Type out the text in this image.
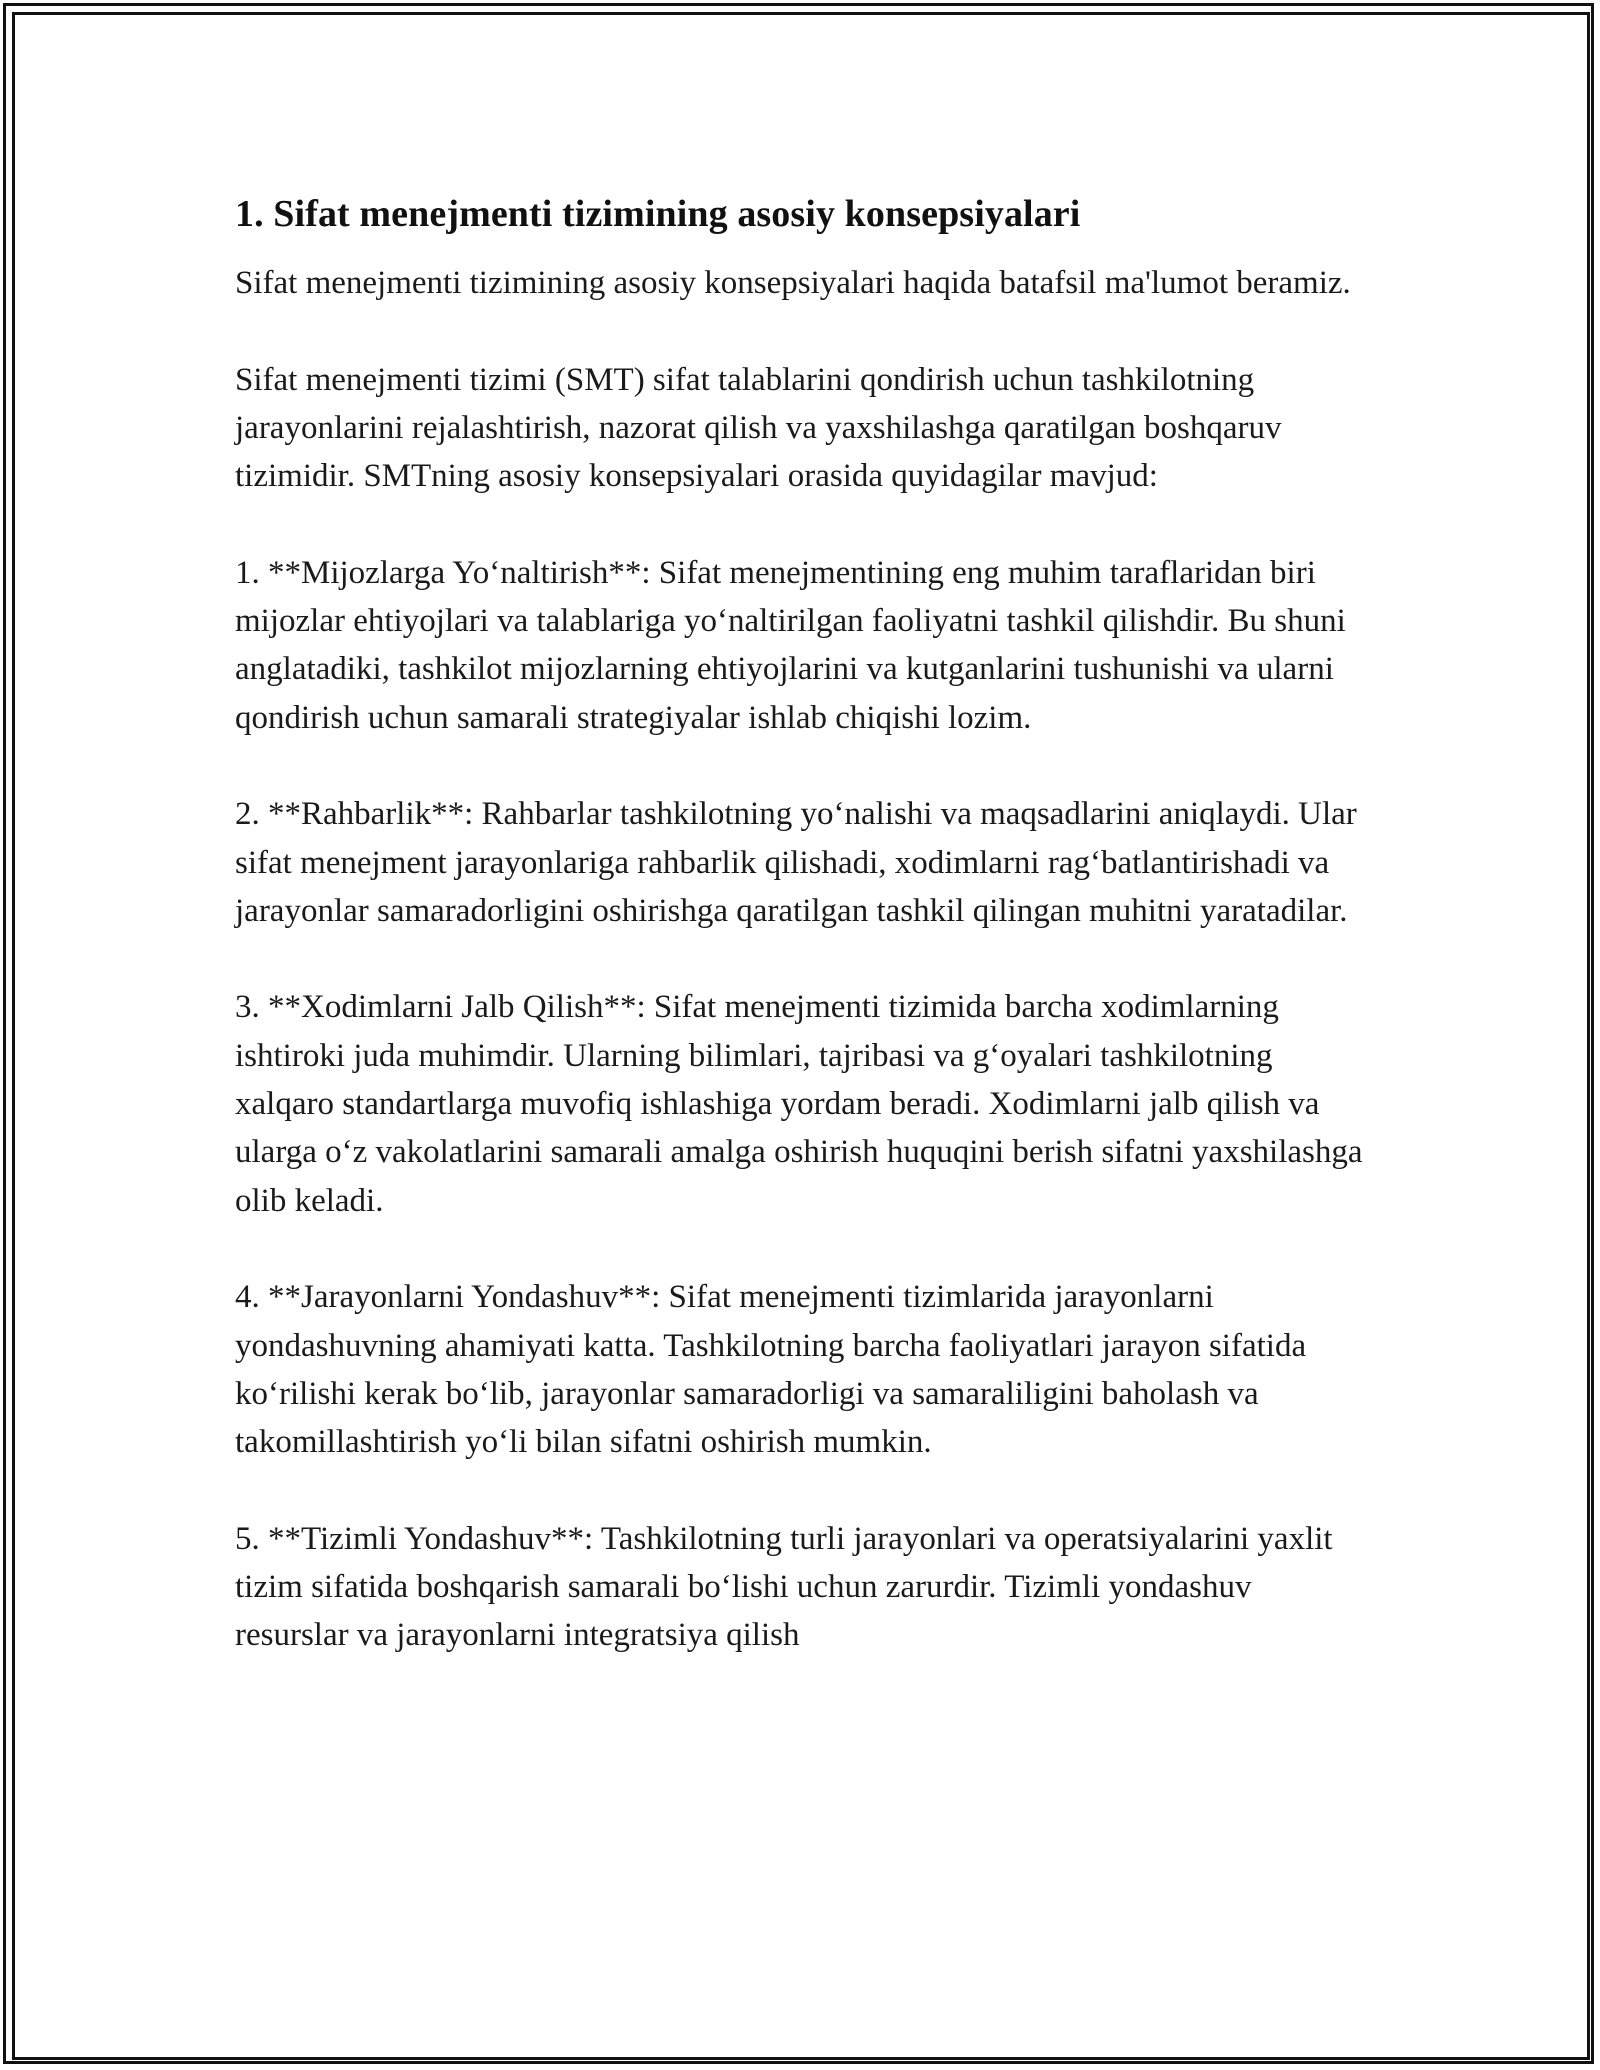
1. Sifat menejmenti tizimining asosiy konsepsiyalari

Sifat menejmenti tizimining asosiy konsepsiyalari haqida batafsil ma'lumot beramiz.

Sifat menejmenti tizimi (SMT) sifat talablarini qondirish uchun tashkilotning jarayonlarini rejalashtirish, nazorat qilish va yaxshilashga qaratilgan boshqaruv tizimidir. SMTning asosiy konsepsiyalari orasida quyidagilar mavjud:

1. **Mijozlarga Yo‘naltirish**: Sifat menejmentining eng muhim taraflaridan biri mijozlar ehtiyojlari va talablariga yo‘naltirilgan faoliyatni tashkil qilishdir. Bu shuni anglatadiki, tashkilot mijozlarning ehtiyojlarini va kutganlarini tushunishi va ularni qondirish uchun samarali strategiyalar ishlab chiqishi lozim.

2. **Rahbarlik**: Rahbarlar tashkilotning yo‘nalishi va maqsadlarini aniqlaydi. Ular sifat menejment jarayonlariga rahbarlik qilishadi, xodimlarni rag‘batlantirishadi va jarayonlar samaradorligini oshirishga qaratilgan tashkil qilingan muhitni yaratadilar.

3. **Xodimlarni Jalb Qilish**: Sifat menejmenti tizimida barcha xodimlarning ishtiroki juda muhimdir. Ularning bilimlari, tajribasi va g‘oyalari tashkilotning xalqaro standartlarga muvofiq ishlashiga yordam beradi. Xodimlarni jalb qilish va ularga o‘z vakolatlarini samarali amalga oshirish huquqini berish sifatni yaxshilashga olib keladi.

4. **Jarayonlarni Yondashuv**: Sifat menejmenti tizimlarida jarayonlarni yondashuvning ahamiyati katta. Tashkilotning barcha faoliyatlari jarayon sifatida ko‘rilishi kerak bo‘lib, jarayonlar samaradorligi va samaraliligini baholash va takomillashtirish yo‘li bilan sifatni oshirish mumkin.

5. **Tizimli Yondashuv**: Tashkilotning turli jarayonlari va operatsiyalarini yaxlit tizim sifatida boshqarish samarali bo‘lishi uchun zarurdir. Tizimli yondashuv resurslar va jarayonlarni integratsiya qilish
